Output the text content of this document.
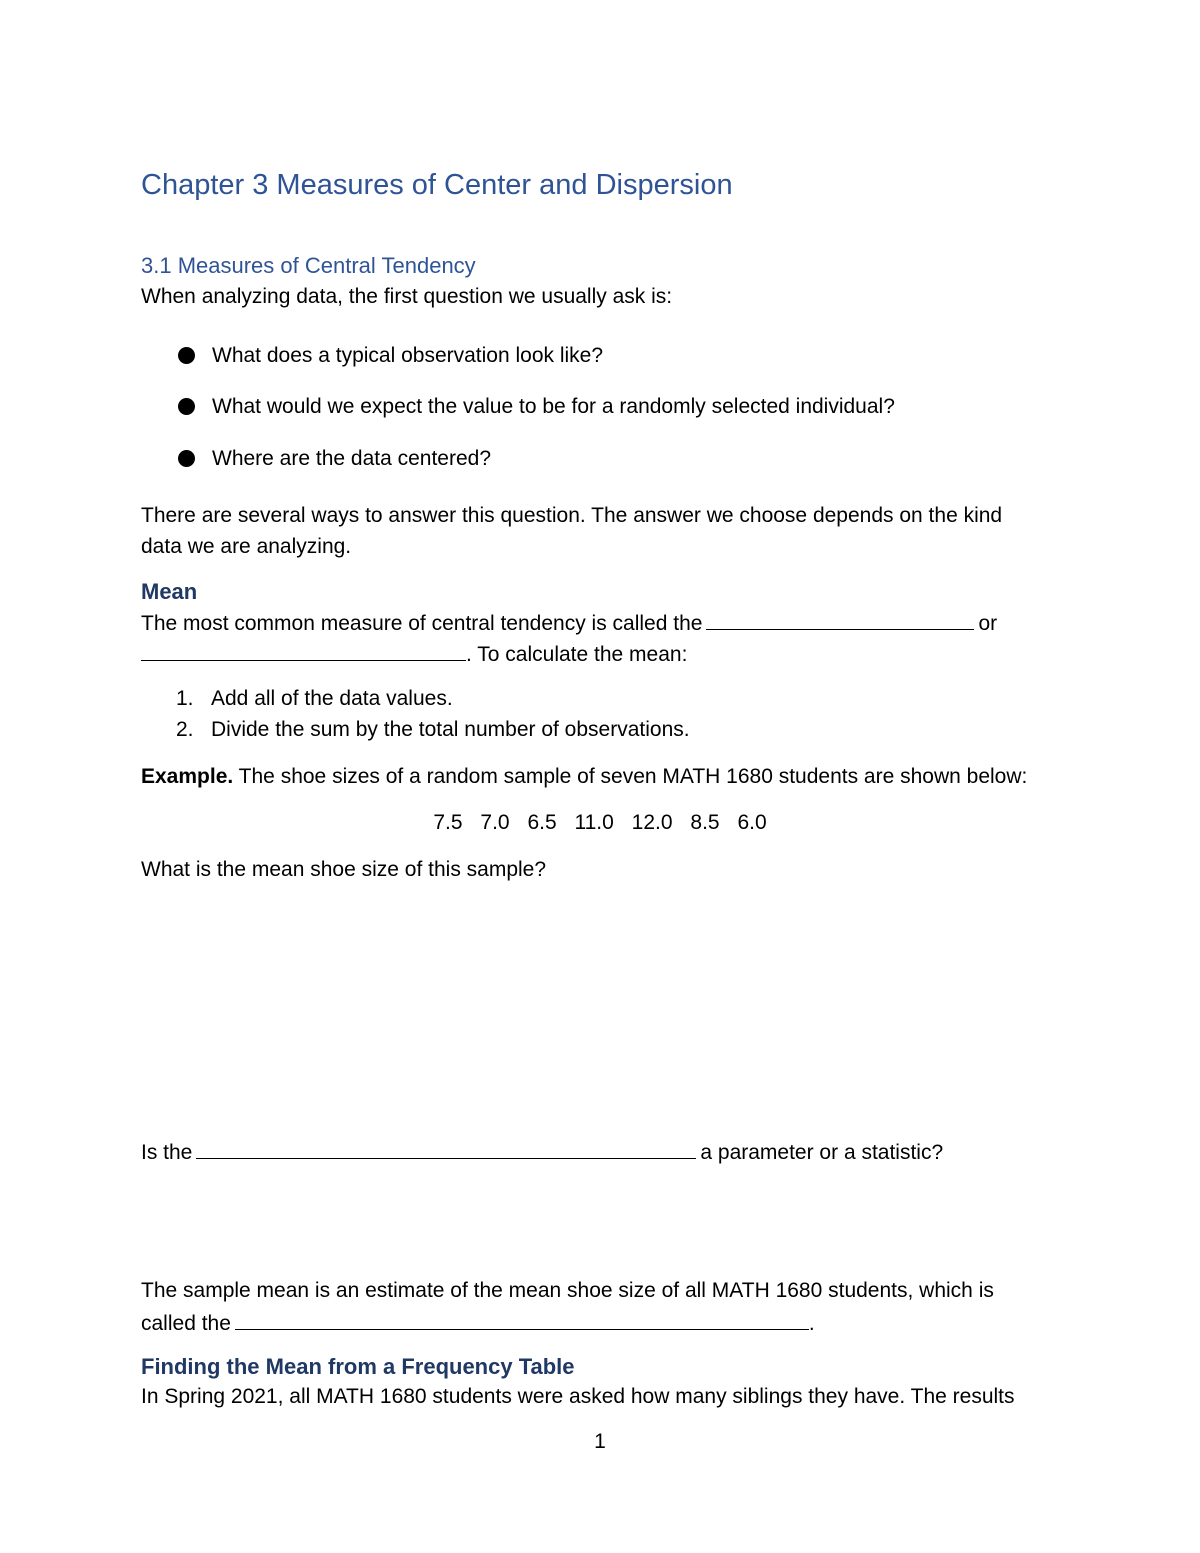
Chapter 3 Measures of Center and Dispersion
3.1 Measures of Central Tendency
When analyzing data, the first question we usually ask is:
What does a typical observation look like?
What would we expect the value to be for a randomly selected individual?
Where are the data centered?
There are several ways to answer this question. The answer we choose depends on the kind
data we are analyzing.
Mean
The most common measure of central tendency is called the	or
. To calculate the mean:
1. Add all of the data values.
2. Divide the sum by the total number of observations.
Example. The shoe sizes of a random sample of seven MATH 1680 students are shown below:
7.5 7.0 6.5 11.0 12.0 8.5 6.0
What is the mean shoe size of this sample?
Is the	a parameter or a statistic?
The sample mean is an estimate of the mean shoe size of all MATH 1680 students, which is
called the	.
Finding the Mean from a Frequency Table
In Spring 2021, all MATH 1680 students were asked how many siblings they have. The results
1
